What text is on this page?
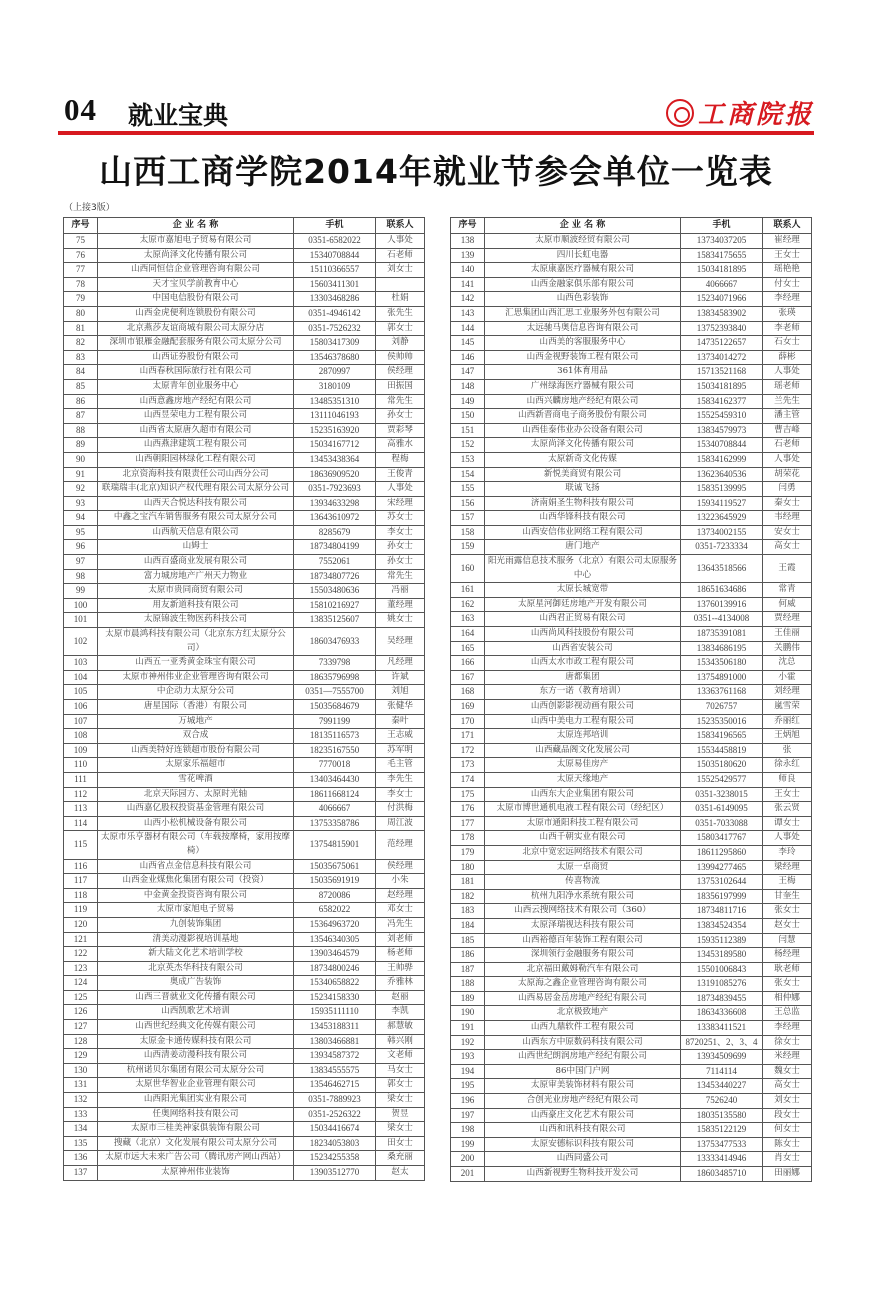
04 就业宝典	工商院报
山西工商学院2014年就业节参会单位一览表
（上接3版）
序号	企 业 名 称	手机	联系人
75	太原市嘉旭电子贸易有限公司	0351-6582022	人事处
76	太原尚泽文化传播有限公司	15340708844	石老师
77	山西同恒信企业管理咨询有限公司	15110366557	刘女士
78	天才宝贝学前教育中心	15603411301	
79	中国电信股份有限公司	13303468286	杜娟
80	山西金虎便利连锁股份有限公司	0351-4946142	张先生
81	北京燕莎友谊商城有限公司太原分店	0351-7526232	郭女士
82	深圳市银雁金融配套服务有限公司太原分公司	15803417309	刘静
83	山西证券股份有限公司	13546378680	侯帅帅
84	山西春秋国际旅行社有限公司	2870997	侯经理
85	太原青年创业服务中心	3180109	田振国
86	山西意鑫房地产经纪有限公司	13485351310	常先生
87	山西昱荣电力工程有限公司	13111046193	孙女士
88	山西省太原唐久超市有限公司	15235163920	贾彩琴
89	山西燕津建筑工程有限公司	15034167712	高雅水
90	山西朝阳园林绿化工程有限公司	13453438364	程梅
91	北京资海科技有限责任公司山西分公司	18636909520	王俊青
92	联瑞瑞丰(北京)知识产权代理有限公司太原分公司	0351-7923693	人事处
93	山西天合悦达科技有限公司	13934633298	宋经理
94	中鑫之宝汽车销售服务有限公司太原分公司	13643610972	苏女士
95	山西航天信息有限公司	8285679	李女士
96	山姆士	18734804199	孙女士
97	山西百盛商业发展有限公司	7552061	孙女士
98	富力城房地产广州天力物业	18734807726	常先生
99	太原市贵同商贸有限公司	15503480636	冯丽
100	用友新道科技有限公司	15810216927	董经理
101	太原锦波生物医药科技公司	13835125607	姚女士
102	太原市晨鸿科技有限公司（北京东方红太原分公司）	18603476933	吴经理
103	山西五一亚秀黄金珠宝有限公司	7339798	凡经理
104	太原市神州伟业企业管理咨询有限公司	18635796998	许斌
105	中企动力太原分公司	0351—7555700	刘旭
106	唐星国际（香港）有限公司	15035684679	张健华
107	万城地产	7991199	秦叶
108	双合成	18135116573	王志威
109	山西美特好连锁超市股份有限公司	18235167550	苏军明
110	太原家乐福超市	7770018	毛主管
111	雪花啤酒	13403464430	李先生
112	北京天际园方、太原时光轴	18611668124	李女士
113	山西嘉亿股权投资基金管理有限公司	4066667	付洪梅
114	山西小松机械设备有限公司	13753358786	周江波
115	太原市乐亨器材有限公司（车载按摩椅，家用按摩椅）	13754815901	范经理
116	山西省点金信息科技有限公司	15035675061	侯经理
117	山西金业煤焦化集团有限公司（投资）	15035691919	小朱
118	中金黄金投资咨询有限公司	8720086	赵经理
119	太原市家旭电子贸易	6582022	邓女士
120	九创装饰集团	15364963720	冯先生
121	清美动漫影视培训基地	13546340305	刘老师
122	新大陆文化艺术培训学校	13903464579	杨老师
123	北京英杰华科技有限公司	18734800246	王帅骅
124	奥成广告装饰	15340658822	乔雅林
125	山西三晋就业文化传播有限公司	15234158330	赵丽
126	山西凯歌艺术培训	15935111110	李凯
127	山西世纪经典文化传媒有限公司	13453188311	郝慧敏
128	太原金卡通传媒科技有限公司	13803466881	韩兴刚
129	山西清姜动漫科技有限公司	13934587372	文老师
130	杭州诺贝尔集团有限公司太原分公司	13834555575	马女士
131	太原世华智业企业管理有限公司	13546462715	郭女士
132	山西阳光集团实业有限公司	0351-7889923	梁女士
133	任奥网络科技有限公司	0351-2526322	贺昱
134	太原市三桂美神家俱装饰有限公司	15034416674	梁女士
135	搜藏（北京）文化发展有限公司太原分公司	18234053803	田女士
136	太原市远大未来广告公司（腾讯房产网山西站）	15234255358	桑充丽
137	太原神州伟业装饰	13903512770	赵太
序号	企 业 名 称	手机	联系人
138	太原市顺波经贸有限公司	13734037205	崔经理
139	四川长虹电器	15834175655	王女士
140	太原康嘉医疗器械有限公司	15034181895	瑶艳艳
141	山西金融家俱乐部有限公司	4066667	付女士
142	山西色彩装饰	15234071966	李经理
143	汇思集团山西汇思工业服务外包有限公司	13834583902	张瑛
144	太远驰马奥信息咨询有限公司	13752393840	李老师
145	山西美的客服服务中心	14735122657	石女士
146	山西金视野装饰工程有限公司	13734014272	薛彬
147	361体育用品	15713521168	人事处
148	广州绿海医疗器械有限公司	15034181895	瑶老师
149	山西兴麟房地产经纪有限公司	15834162377	兰先生
150	山西新晋商电子商务股份有限公司	15525459310	潘主管
151	山西佳泰伟业办公设备有限公司	13834579973	曹吉峰
152	太原尚泽文化传播有限公司	15340708844	石老师
153	太原新奇文化传媒	15834162999	人事处
154	新悦美商贸有限公司	13623640536	胡荣花
155	联诚飞扬	15835139995	闫勇
156	济南娟圣生物科技有限公司	15934119527	秦女士
157	山西华锋科技有限公司	13223645929	韦经理
158	山西安信伟业网络工程有限公司	13734002155	安女士
159	唐门地产	0351-7233334	高女士
160	阳光雨露信息技术服务（北京）有限公司太原服务中心	13643518566	王霞
161	太原长城宽带	18651634686	常青
162	太原星河御廷房地产开发有限公司	13760139916	何威
163	山西君正贸易有限公司	0351--4134008	贾经理
164	山西尚风科技股份有限公司	18735391081	王佳丽
165	山西省安装公司	13834686195	关鹏伟
166	山西太水市政工程有限公司	15343506180	沈总
167	唐都集团	13754891000	小霍
168	东方一诺（教育培训）	13363761168	刘经理
169	山西创影影视动画有限公司	7026757	嵐雪荣
170	山西中美电力工程有限公司	15235350016	乔丽红
171	太原连邦培训	15834196565	王炳旭
172	山西藏品阁文化发展公司	15534458819	张
173	太原易佳房产	15035180620	徐永红
174	太原天缘地产	15525429577	师良
175	山西东大企业集团有限公司	0351-3238015	王女士
176	太原市博世通机电液工程有限公司（经纪区）	0351-6149095	张云贤
177	太原市通阳科技工程有限公司	0351-7033088	谭女士
178	山西千朝实业有限公司	15803417767	人事处
179	北京中宽宏远网络技术有限公司	18611295860	李玲
180	太原一卓商贸	13994277465	梁经理
181	传喜物流	13753102644	王梅
182	杭州九阳净水系统有限公司	18356197999	甘奎生
183	山西云搜网络技术有限公司（360）	18734811716	张女士
184	太原泽瑞视达科技有限公司	13834524354	赵女士
185	山西裕德百年装饰工程有限公司	15935112389	闫慧
186	深圳领行金融服务有限公司	13453189580	杨经理
187	北京福田戴姆勒汽车有限公司	15501006843	耿老师
188	太原海之鑫企业管理咨询有限公司	13191085276	张女士
189	山西易居金岳房地产经纪有限公司	18734839455	相仲娜
190	北京极致地产	18634336608	王总监
191	山西九鼎软件工程有限公司	13383411521	李经理
192	山西东方中原数码科技有限公司	8720251、2、3、4	徐女士
193	山西世纪朗润房地产经纪有限公司	13934509699	米经理
194	86中国门户网	7114114	魏女士
195	太原审美装饰材料有限公司	13453440227	高女士
196	合创光业房地产经纪有限公司	7526240	刘女士
197	山西豪庄文化艺术有限公司	18035135580	段女士
198	山西和讯科技有限公司	15835122129	何女士
199	太原安德标识科技有限公司	13753477533	陈女士
200	山西同盛公司	13333414946	肖女士
201	山西新视野生物科技开发公司	18603485710	田丽娜
